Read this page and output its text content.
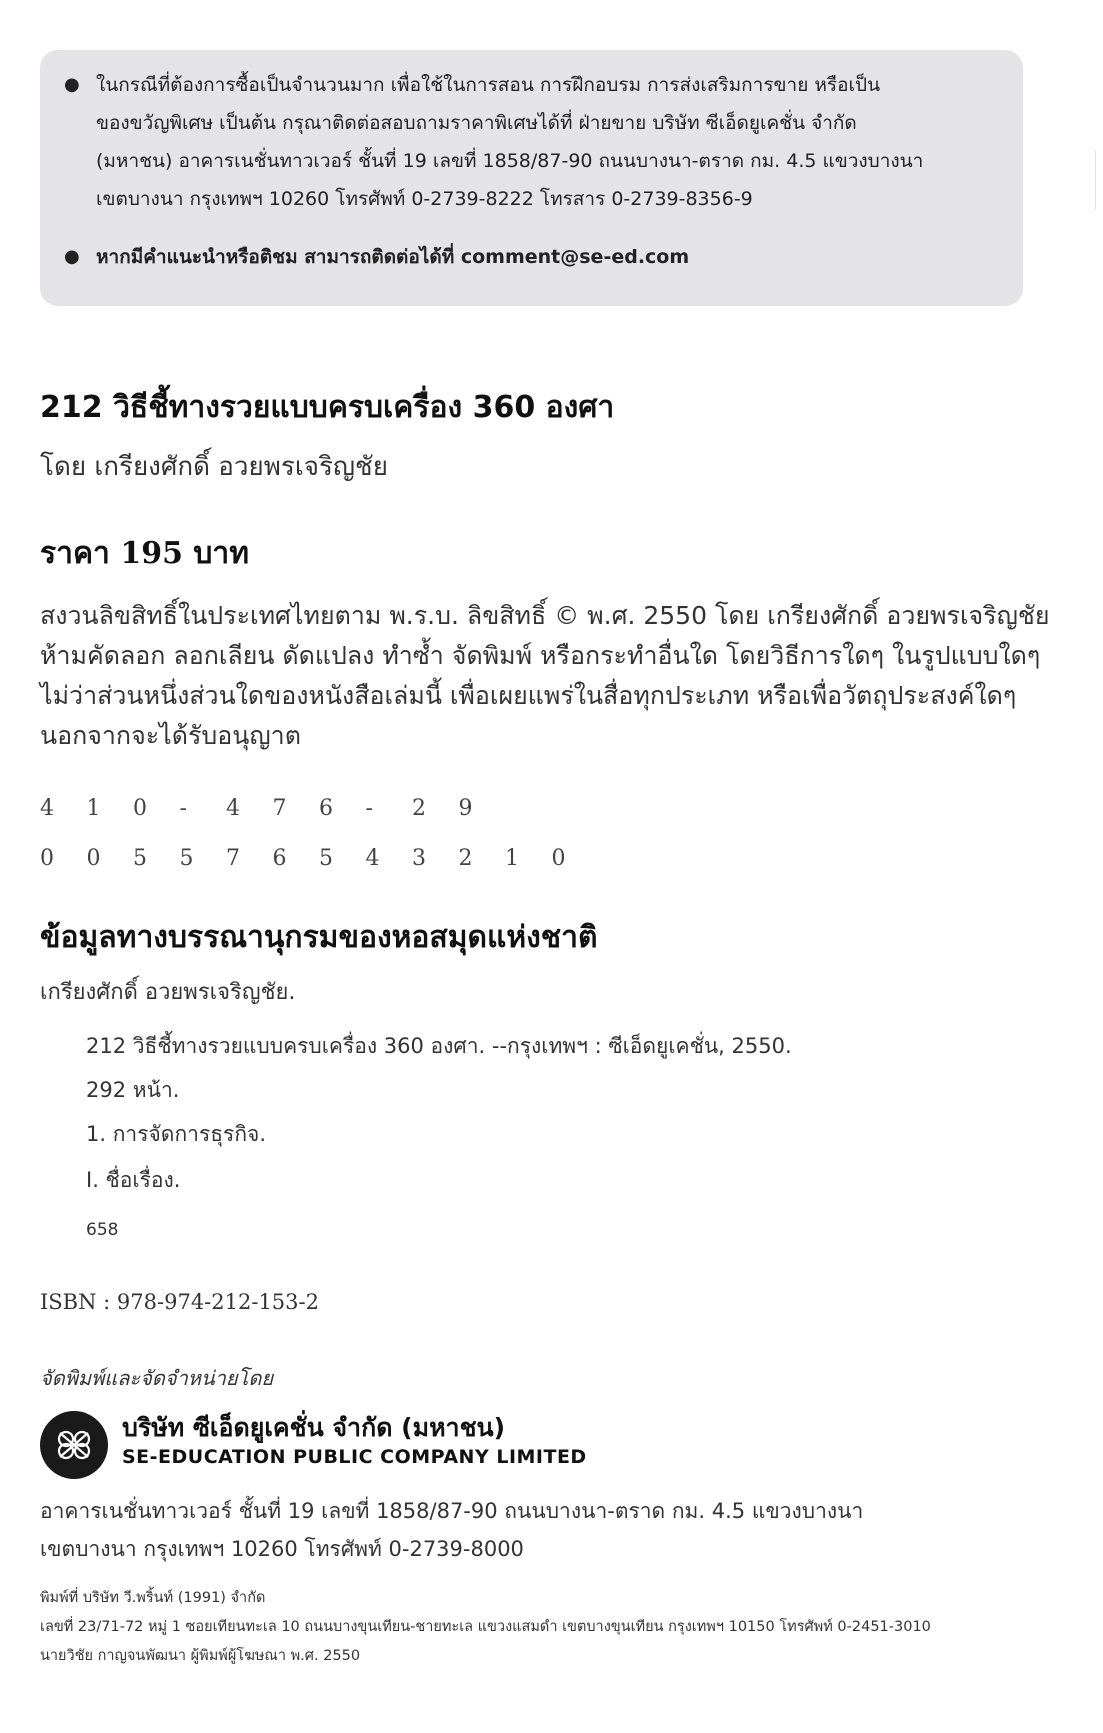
● ในกรณีที่ต้องการซื้อเป็นจำนวนมาก เพื่อใช้ในการสอน การฝึกอบรม การส่งเสริมการขาย หรือเป็น
ของขวัญพิเศษ เป็นต้น กรุณาติดต่อสอบถามราคาพิเศษได้ที่ ฝ่ายขาย บริษัท ซีเอ็ดยูเคชั่น จำกัด
(มหาชน) อาคารเนชั่นทาวเวอร์ ชั้นที่ 19 เลขที่ 1858/87-90 ถนนบางนา-ตราด กม. 4.5 แขวงบางนา
เขตบางนา กรุงเทพฯ 10260 โทรศัพท์ 0-2739-8222 โทรสาร 0-2739-8356-9
● หากมีคำแนะนำหรือติชม สามารถติดต่อได้ที่ comment@se-ed.com
212 วิธีชี้ทางรวยแบบครบเครื่อง 360 องศา
โดย เกรียงศักดิ์ อวยพรเจริญชัย
ราคา 195 บาท
สงวนลิขสิทธิ์ในประเทศไทยตาม พ.ร.บ. ลิขสิทธิ์ © พ.ศ. 2550 โดย เกรียงศักดิ์ อวยพรเจริญชัย
ห้ามคัดลอก ลอกเลียน ดัดแปลง ทำซ้ำ จัดพิมพ์ หรือกระทำอื่นใด โดยวิธีการใดๆ ในรูปแบบใดๆ
ไม่ว่าส่วนหนึ่งส่วนใดของหนังสือเล่มนี้ เพื่อเผยแพร่ในสื่อทุกประเภท หรือเพื่อวัตถุประสงค์ใดๆ
นอกจากจะได้รับอนุญาต
4	1	0	-	4	7	6	-	2	9
0	0	5	5	7	6	5	4	3	2	1	0
ข้อมูลทางบรรณานุกรมของหอสมุดแห่งชาติ
เกรียงศักดิ์ อวยพรเจริญชัย.
212 วิธีชี้ทางรวยแบบครบเครื่อง 360 องศา. --กรุงเทพฯ : ซีเอ็ดยูเคชั่น, 2550.
292 หน้า.
1. การจัดการธุรกิจ.
I. ชื่อเรื่อง.
658
ISBN : 978-974-212-153-2
จัดพิมพ์และจัดจำหน่ายโดย
บริษัท ซีเอ็ดยูเคชั่น จำกัด (มหาชน)
SE-EDUCATION PUBLIC COMPANY LIMITED
อาคารเนชั่นทาวเวอร์ ชั้นที่ 19 เลขที่ 1858/87-90 ถนนบางนา-ตราด กม. 4.5 แขวงบางนา
เขตบางนา กรุงเทพฯ 10260 โทรศัพท์ 0-2739-8000
พิมพ์ที่ บริษัท วี.พริ้นท์ (1991) จำกัด
เลขที่ 23/71-72 หมู่ 1 ซอยเทียนทะเล 10 ถนนบางขุนเทียน-ชายทะเล แขวงแสมดำ เขตบางขุนเทียน กรุงเทพฯ 10150 โทรศัพท์ 0-2451-3010
นายวิชัย กาญจนพัฒนา ผู้พิมพ์ผู้โฆษณา พ.ศ. 2550
